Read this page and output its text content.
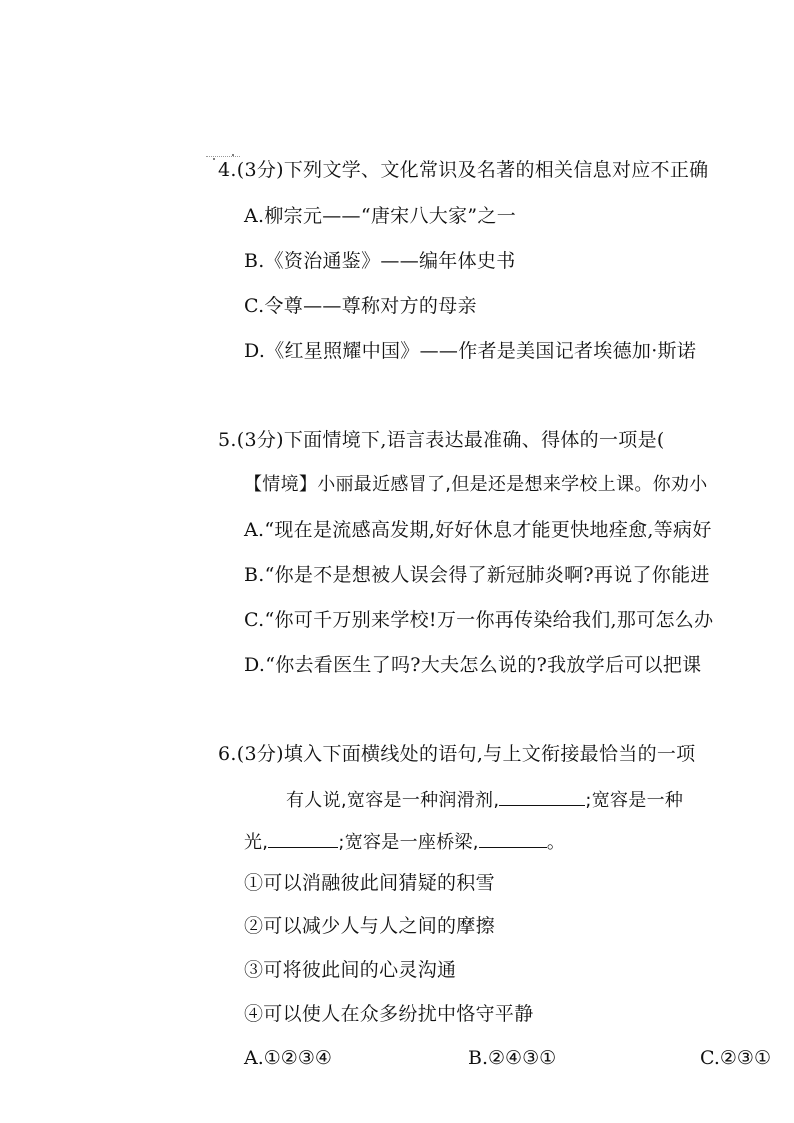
4.(3分)下列文学、文化常识及名著的相关信息对应不正确
A.柳宗元——“唐宋八大家”之一
B.《资治通鉴》——编年体史书
C.令尊——尊称对方的母亲
D.《红星照耀中国》——作者是美国记者埃德加·斯诺
5.(3分)下面情境下,语言表达最准确、得体的一项是(
【情境】小丽最近感冒了,但是还是想来学校上课。你劝小
A.“现在是流感高发期,好好休息才能更快地痊愈,等病好
B.“你是不是想被人误会得了新冠肺炎啊?再说了你能进
C.“你可千万别来学校!万一你再传染给我们,那可怎么办
D.“你去看医生了吗?大夫怎么说的?我放学后可以把课
6.(3分)填入下面横线处的语句,与上文衔接最恰当的一项
有人说,宽容是一种润滑剂,	;宽容是一种
光,	;宽容是一座桥梁,	。
①可以消融彼此间猜疑的积雪
②可以减少人与人之间的摩擦
③可将彼此间的心灵沟通
④可以使人在众多纷扰中恪守平静
A.①②③④	B.②④③①	C.②③①
